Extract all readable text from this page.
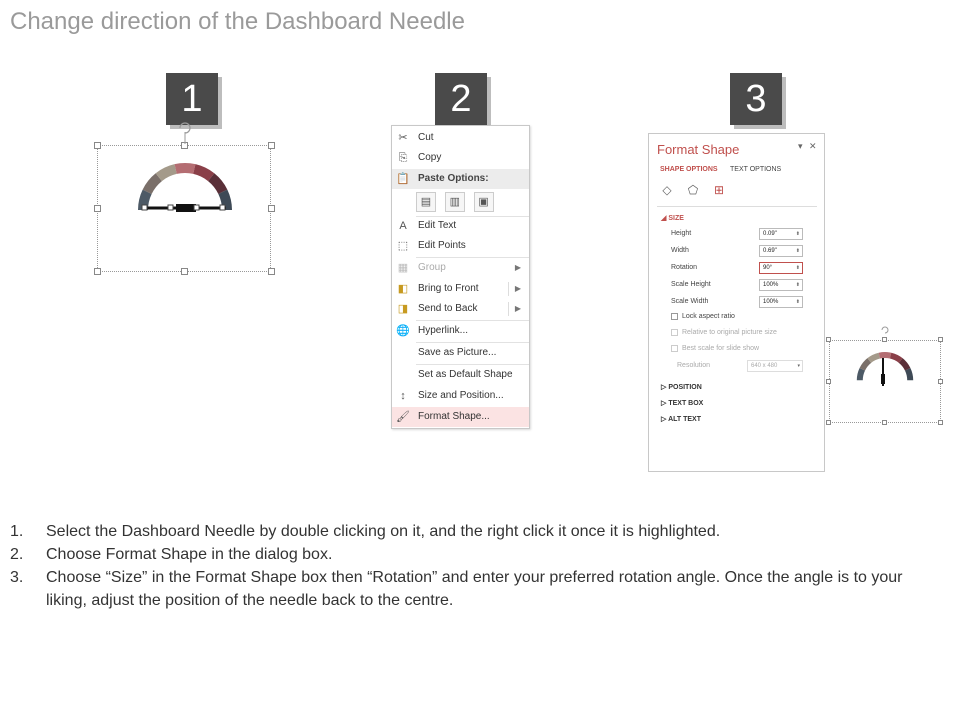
Change direction of the Dashboard Needle
1	2	3
✂ Cut
⎘ Copy
📋 Paste Options:
▤ ▥ ▣
A	Edit Text
⬚ Edit Points
▦ Group	▶
◧ Bring to Front	▶
◨ Send to Back	▶
🌐 Hyperlink...
Save as Picture...
Set as Default Shape
↕	Size and Position...
🖌 Format Shape...
Format Shape	▾ ✕
SHAPE OPTIONS TEXT OPTIONS
◇ ⬠ ⊞
◢ SIZE
Height	0.09"	⬍
Width	0.69"	⬍
Rotation	90°	⬍
Scale Height	100%	⬍
Scale Width	100%	⬍
Lock aspect ratio
Relative to original picture size
Best scale for slide show
Resolution	640 x 480	▾
▷ POSITION
▷ TEXT BOX
▷ ALT TEXT
1. Select the Dashboard Needle by double clicking on it, and the right click it once it is highlighted.
2. Choose Format Shape in the dialog box.
3. Choose “Size” in the Format Shape box then “Rotation” and enter your preferred rotation angle. Once the angle is to your liking, adjust the position of the needle back to the centre.
